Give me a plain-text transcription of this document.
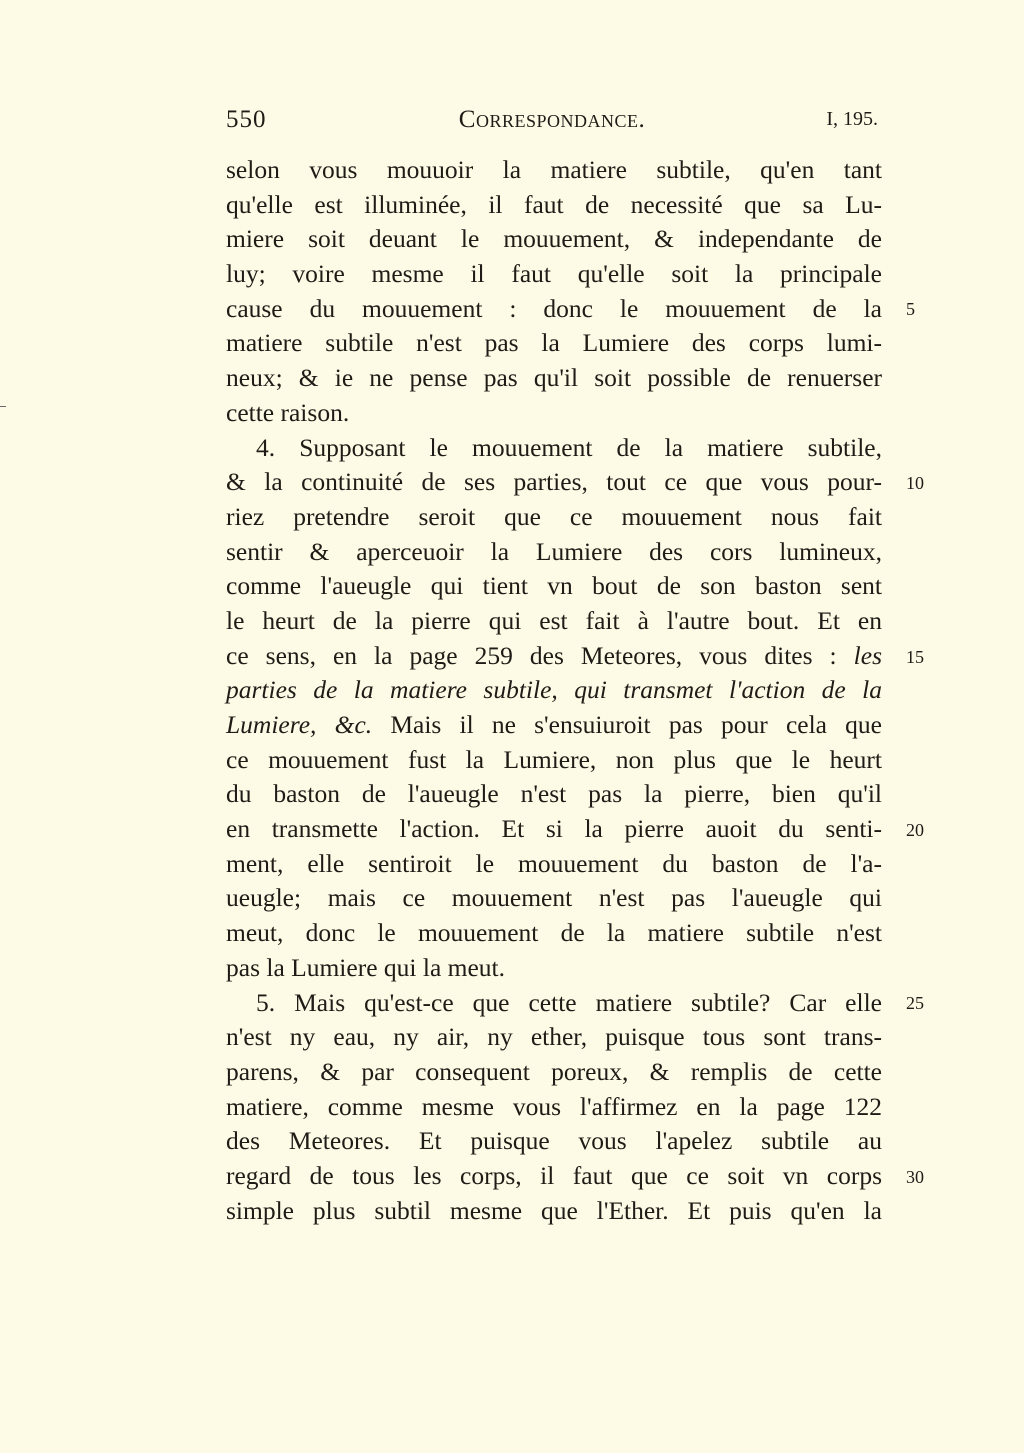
550	Correspondance.	I, 195.
selon vous mouuoir la matiere subtile, qu'en tant
qu'elle est illuminée, il faut de necessité que sa Lu-
miere soit deuant le mouuement, & independante de
luy; voire mesme il faut qu'elle soit la principale
cause du mouuement : donc le mouuement de la
matiere subtile n'est pas la Lumiere des corps lumi-
neux; & ie ne pense pas qu'il soit possible de renuerser
cette raison.
4. Supposant le mouuement de la matiere subtile,
& la continuité de ses parties, tout ce que vous pour-
riez pretendre seroit que ce mouuement nous fait
sentir & aperceuoir la Lumiere des cors lumineux,
comme l'aueugle qui tient vn bout de son baston sent
le heurt de la pierre qui est fait à l'autre bout. Et en
ce sens, en la page 259 des Meteores, vous dites : les
parties de la matiere subtile, qui transmet l'action de la
Lumiere, &c. Mais il ne s'ensuiuroit pas pour cela que
ce mouuement fust la Lumiere, non plus que le heurt
du baston de l'aueugle n'est pas la pierre, bien qu'il
en transmette l'action. Et si la pierre auoit du senti-
ment, elle sentiroit le mouuement du baston de l'a-
ueugle; mais ce mouuement n'est pas l'aueugle qui
meut, donc le mouuement de la matiere subtile n'est
pas la Lumiere qui la meut.
5. Mais qu'est-ce que cette matiere subtile? Car elle
n'est ny eau, ny air, ny ether, puisque tous sont trans-
parens, & par consequent poreux, & remplis de cette
matiere, comme mesme vous l'affirmez en la page 122
des Meteores. Et puisque vous l'apelez subtile au
regard de tous les corps, il faut que ce soit vn corps
simple plus subtil mesme que l'Ether. Et puis qu'en la
5
10
15
20
25
30
